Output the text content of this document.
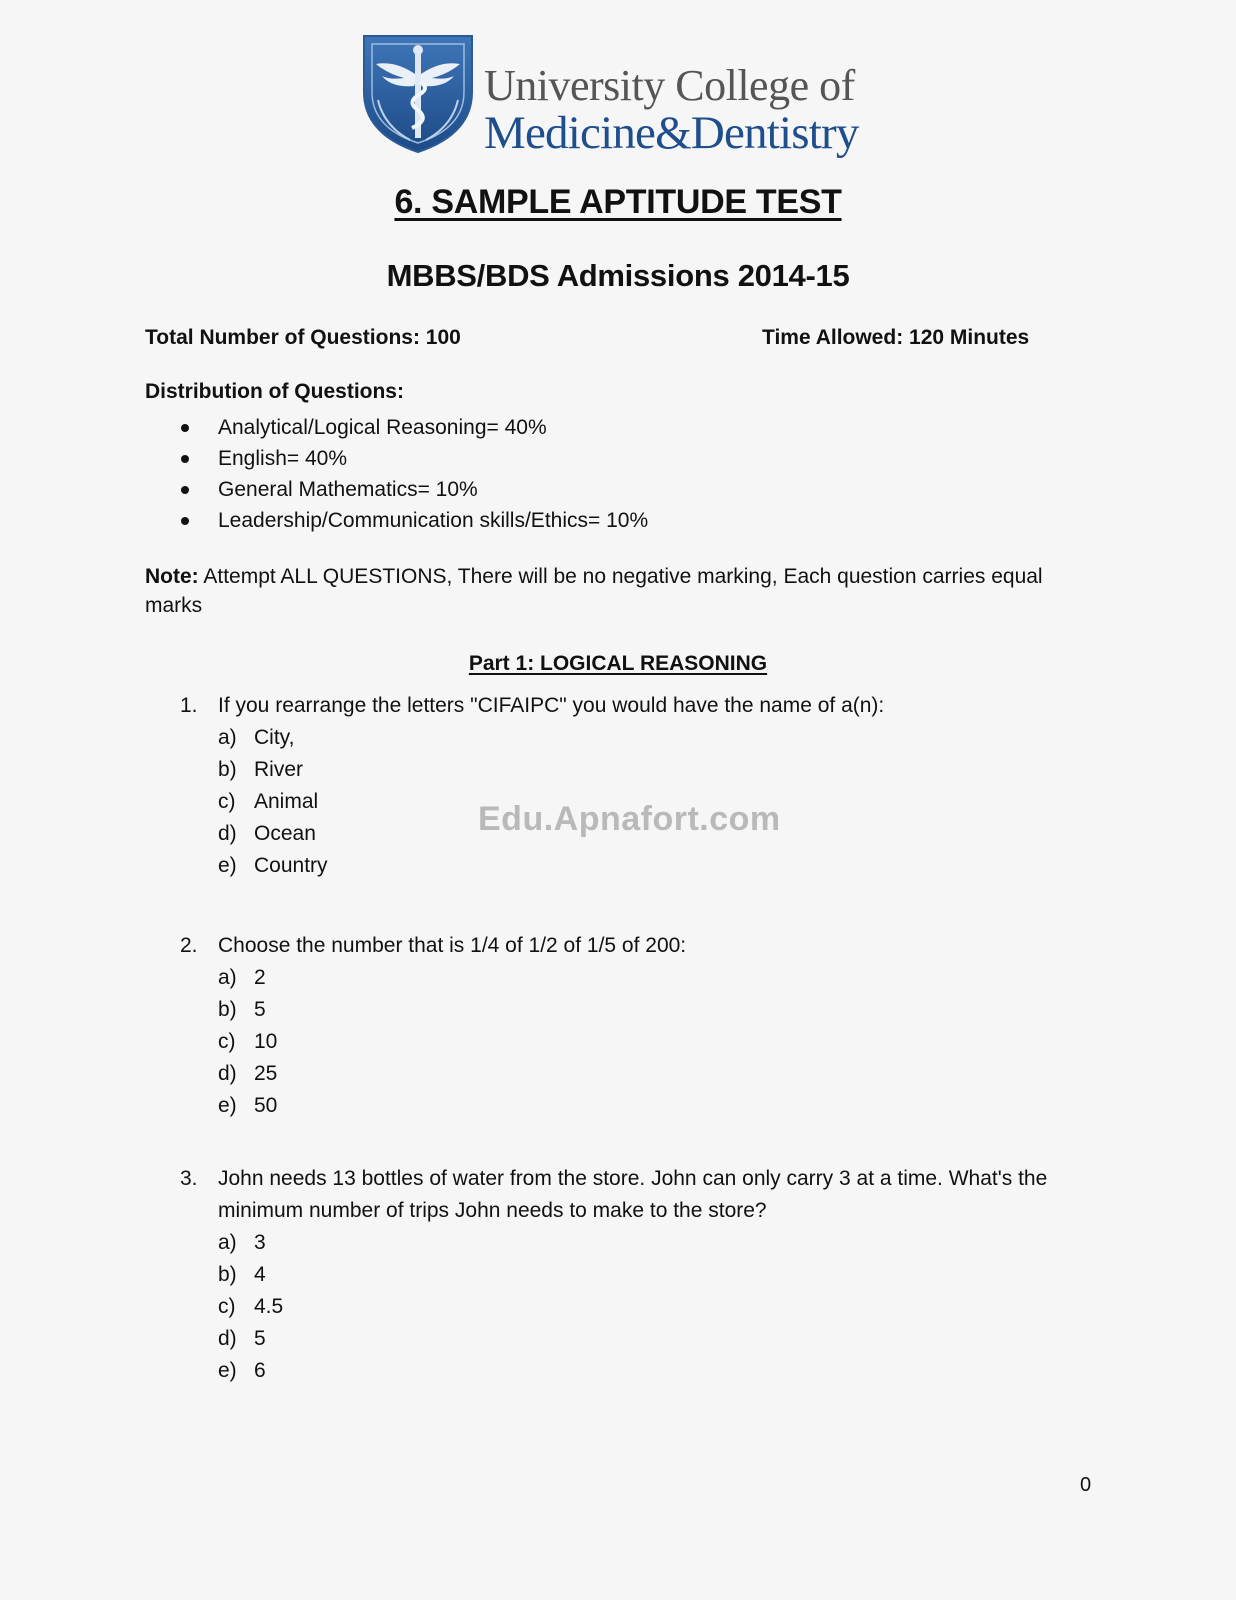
University College of
Medicine&Dentistry
6. SAMPLE APTITUDE TEST
MBBS/BDS Admissions 2014-15
Total Number of Questions: 100	Time Allowed: 120 Minutes
Distribution of Questions:
Analytical/Logical Reasoning= 40%
English= 40%
General Mathematics= 10%
Leadership/Communication skills/Ethics= 10%
Note: Attempt ALL QUESTIONS, There will be no negative marking, Each question carries equal marks
Part 1: LOGICAL REASONING
1. If you rearrange the letters "CIFAIPC" you would have the name of a(n):
a) City,
b) River
c) Animal
d) Ocean
e) Country
2. Choose the number that is 1/4 of 1/2 of 1/5 of 200:
a) 2
b) 5
c) 10
d) 25
e) 50
3. John needs 13 bottles of water from the store. John can only carry 3 at a time. What's the minimum number of trips John needs to make to the store?
a) 3
b) 4
c) 4.5
d) 5
e) 6
Edu.Apnafort.com
0
